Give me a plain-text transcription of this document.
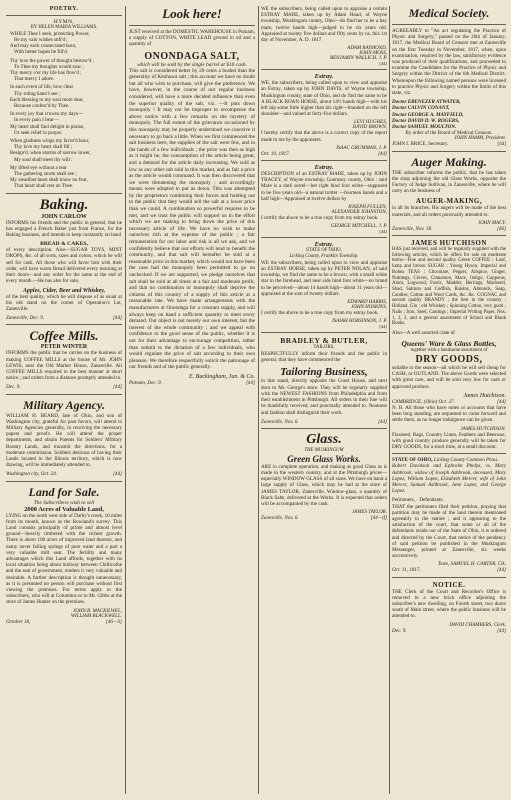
POETRY.
HYMN,
BY HELEN MARIA WILLIAMS.

WHILE Thee I seek, protecting Power,

Be my vain wishes still'd ;

And may each consecrated hour,

With better hopes be fill'd.

Thy love the power of thought bestow'd ;

To Thee my thoughts would soar ;

Thy mercy o'er my life has flow'd ;

That mercy I adore.

In each event of life, how clear

Thy ruling hand I see ;

Each blessing to my soul more dear,

Because conferr'd by Thee.

In every joy that crowns my days—

In every pain I bear—

My heart shall find delight in praise,

Or seek relief in prayer.

When gladness wings my favor'd hour,

Thy love my heart shall fill ;

Resign'd, when storms of sorrow lower,

My soul shall meet thy will :

My lifted eye without a tear

The gathering storm shall see ;

My steadfast heart shall know no fear,

That heart shall rest on Thee.

Baking.
JOHN CARLOW

INFORMS his friends and the public in general, that he has engaged a French Baker just from France, for the Baking business, and intends to keep constantly on hand

BREAD & CAKES,

of every description. Also—SUGAR TOYS, MINT DROPS, &c. of all sorts, sizes and colors, which he will sell for cash. All those who will favor him with their order, will have warm Bread delivered every morning at their doors—and any order for the same at the end of every month.—He has also for sale,

Apples, Cider, Beer and Whiskey,

of the best quality, which he will dispose of as usual at his old stand on the corner of Operation's Lot, Zanesville.

Zanesville, Dec. 9.	[44]
Coffee Mills.
PETER WINTER

INFORMS the public that he carries on the business of making COFFEE MILLS at the house of Mr. JOHN LEWIS, near the Old Market House, Zanesville. All COFFEE MILLS required in the best manner at short notice ; and orders from a distance promptly attended to.

Dec. 9.	[44]
Military Agency.

WILLIAM H. BEARD, late of Ohio, and son of Washington city, grateful for past favors, will attend to Military Agencies generally, in receiving the necessary papers and proofs. He will attend the proper departments, and obtain Patents for Soldiers' Military Bounty Lands, and transmit the directions, for a moderate commission. Soldiers desirous of having their Lands located in the Illinois territory, which is now drawing, will be immediately attended to.

Washington city, Oct. 24.	[44]
Land for Sale.
The Subscribers wish to sell
2000 Acres of Valuable Land,

LYING on the north west side of Darby's creek, 10 miles from its mouth, known as the Rowland's survey. This Land consists principally of prime and almost level ground—heavily timbered with the richest growth. There is about 100 acres of improved land thereon, and many never failing springs of pure water and a part a very valuable mill seat. The fertility and many advantages which this Land affords, together with its local situation being about midway between Chillicothe and the seat of government, renders it very valuable and desirable. A further description is thought unnecessary, as it is presumed no person will purchase without first viewing the premises. For terms apply to the subscribers, who will at Columbus or to Mr. Gibbs at the store of James Hunter on the premises.

JOHN B. MACKILWEL,
WILLIAM BLACKWELL.
October 18,	[46—3]
Look here!

JUST received at the DOMESTIC WAREHOUSE in Putnam, a supply of COTTON, WHITE LEAD ground in oil and a quantity of

ONONDAGA SALT,
which will be sold by the single barrel at $10 cash.

This salt is considered better by 20 cents a bushel than the generality of Kenhawa salt ; this account we have no doubt but all who wish to purchase, will give the preference. We have, however, in the course of our regular business considered, will have a more decided influence than even the superior quality of the salt, viz. —It puts down monopoly ! It may not be improper to recompense the above notice with a few remarks on the mystery of monopoly. The full extent of the grievance occasioned by this monopoly may be properly understood we conceive it necessary to go back a little. When we first commenced the salt business here, the supplies of the salt were few, and in the hands of a few individuals ; the price was then as high as it might be, the consumption of the article being great, and a demand for the article daily increasing. We sold as low as any other salt sold in this market, and as fair a price as the article would command. It was then discovered that we were threatening the monopoly ; and accordingly means were adopted to put us down. This was attempted by the proprietors combining their forces and holding out to the public that they would sell the salt at a lower price than we could. A combination so powerful requires to be met, and we trust the public will support us in the effort which we are making to bring down the price of this necessary article of life. We have no wish to make ourselves rich at the expense of the public ; a fair remuneration for our labor and risk is all we ask, and we confidently believe that our efforts will tend to benefit the community, and that salt will hereafter be sold at a reasonable price in this market, which would not have been the case had the monopoly been permitted to go on unchecked. If we are supported, we pledge ourselves that salt shall be sold at all times at a fair and moderate profit, and that no combination or monopoly shall deprive the citizens of this country of a supply of this article at a reasonable rate. We have made arrangements with the manufacturers at Onondaga for a constant supply, and will always keep on hand a sufficient quantity to meet every demand. Our object is not merely our own interest, but the interest of the whole community ; and we appeal with confidence to the good sense of the public, whether it is not for their advantage to encourage competition, rather than submit to the dictation of a few individuals, who would regulate the price of salt according to their own pleasure. We therefore respectfully solicit the patronage of our friends and of the public generally.

E. Buckingham, Jun. & Co.
Putnam, Dec. 9.	[44]

WE the subscribers, being called upon to appraise a certain ESTRAY MARE, taken up by Adam Hoad, of Wayne township, Muskingum county, Ohio—do find her to be a bay mare, twelve hands high—judged to be six years old. Appraised at twenty five dollars and fifty cents by us, this 1st day of November, A. D. 1817.

ADAM RAYMOND,
JOHN MOSS,
BENJAMIN WALLICH, J. P.
[44]
Estray.

WE, the subscribers, being called upon to view and appraise an Estray, taken up by JOHN DAVIS, of Wayne township, Muskingum county, state of Ohio, and do find the same to be A BLACK ROAN HORSE, about 14½ hands high—with his left hip some little higher than his right—branded on the left shoulder—and valued at forty-five dollars.

LEVI HUGHES,
DAVID BROWN,

I hereby certify that the above is a correct copy of the report made to me by the appraisers.

ISAAC GRUMMAN, J. P.
Oct. 10, 1817.	[44]
Estray.

DESCRIPTION of an ESTRAY MARE, taken up by JOHN TRACEY, of Wayne township, Guernsey county, Ohio : said Mare is a dark sorrel—her right hind foot white—supposed to be five years old—a natural trotter —fourteen hands and a half high—Appraised at twelve dollars by

JOSEPH FULLEN,
ALEXANDER JOHNSTON,

I certify the above to be a true copy from my estray book.

GEORGE MITCHELL, J. P.
[44]
Estray.
STATE OF OHIO,
Licking County, Franklin Township.

WE the subscribers, being called upon to view and appraise an ESTRAY HORSE, taken up by PETER NOLAN, of said township, we find the same to be a brown, with a small white star in the forehead, and near side hind foot white—no brand to be perceived—about 14 hands high—about 11 years old—appraised at the sum of twenty dollars.

EDWARD HARRIS,
JOHN HOSKINS,

I certify the above to be a true copy from my estray book.

ISAIAH HOBSINSON, J. P.
[44]
BRADLEY & BUTLER,
TAILORS,

RESPECTFULLY inform their friends and the public in general, that they have commenced the

Tailoring Business,

in that stand, directly opposite the Court House, and next door to Mr. George's store. They will be regularly supplied with the NEWEST FASHIONS from Philadelphia and from their establishment in Pittsburgh. All orders in their line will be thankfully received, and punctually attended to. Neatness and fashion shall distinguish their work.

Zanesville, Nov. 6.	[44]
Glass.
THE MUSKINGUM
Green Glass Works.

ARE in complete operation, and making as good Glass as is made in the western country, and at the Pittsburgh prices—especially WINDOW GLASS of all sizes. We have on hand a large supply of Glass, which may be had at the store of JAMES TAYLOR, Zanesville. Window-glass, a quantity of Black Salts, delivered at the Works. It is expected that orders will be accompanied by the cash.

JAMES TAYLOR.
Zanesville, Nov. 6.	[44—tf]
Medical Society.

AGREEABLY to "An act regulating the Practice of Physic and Surgery," passed on the 26th of January, 1817, the Medical Board of Censors met at Zanesville on the first Tuesday in November, 1817, when, upon examination, required by the law, satisfactory evidence was produced of their qualifications, and proceeded to examine the Candidates for the Practice of Physic and Surgery within the District of the 6th Medical District. Whereupon the following named persons were licensed to practice Physic and Surgery within the limits of this state, viz.

Doctor EBENEZER ATWATER,
Doctor CALVIN CONANT,
Doctor GEORGE A. MAYFIELD,
Doctor DAVID D. W. ROGERS,
Doctor SAMUEL MOULTON.
By order of the Board of Medical Censors.
JOHN HAMM, President.
JOHN I. BRICE, Secretary.	[44]
Auger Making.

THE subscriber informs the public, that he has taken the shop adjoining the old Glass Works, opposite the Factory of Judge Sullivan, in Zanesville, where he will carry on the business of

AUGER-MAKING,

in all its branches. His augers will be made of the best materials, and all orders punctually attended to.

JOHN MACY.
Zanesville, Nov. 18.	[46]
JAMES HUTCHISON

HAS just received, and will be regularly supplied with the following articles, which he offers for sale on moderate terms—Fine and second quality Green COFFEE ; Loaf, lump and brown SUGAR ; Young Hyson, Imperial and Bohea TEAS ; Chocolate, Pepper, Allspice, Ginger, Nutmegs, Cloves, Cinnamon, Mace, Indigo, Copperas, Alum, Logwood, Fustic, Madder, Herrings, Mackerel, Shad, Salmon and Codfish, Raisins, Almonds, Soap, Candles, Cotton and Wool Cards, &c. &c. COGNAC and second quality BRANDY ; the best in the country ; Holland, Gin ; old Whiskey ; Spinning Cotton, very good ; Nails ; Iron, Steel, Castings ; Imperial Writing Paper, Nos. 1, 2, 3, and a general assortment of School and Blank Books.

Also—A well assorted crate of

Queens' Ware & Glass Bottles,
together with a handsome assortment of
DRY GOODS,

suitable to the season—all which he will sell cheap for CASH, or OUTLAND. The above Goods were selected with great care, and will be sold very low for cash or approved produce.

James Hutchison.
CAMBRIDGE, (Ohio) Oct. 27.	[44]

N. B. All those who have notes or accounts that have been long standing, are requested to come forward and settle them, as no longer indulgence can be given.

JAMES HUTCHISON.

Flaxseed, Rags, Country Linen, Feathers and Beeswax, with good country produce generally will be taken for DRY GOODS, for a short time, at a small discount.

STATE OF OHIO, Licking County Common Pleas.

Robert Davidson and Ephraim Phelps, vs. Mary Ashbrook, widow of Joseph Ashbrook, deceased, Mary Lopez, William Lopez, Elizabeth Mercer, wife of John Mercer, Samuel Ashbrook, Jane Lopez, and George Lopez.

Petitioners, · Defendants.

THAT the petitioners filed their petition, praying that partition may be made of the land therein mentioned agreeably to the statute ; and it appearing to the satisfaction of the court, that some or all of the defendants reside out of the State of Ohio, it is ordered and directed by the Court, that notice of the pendency of said petition be published in the Muskingum Messenger, printed at Zanesville, six weeks successively.

Teste, SAMUEL H. CARTER, Clk.
Oct. 11, 1817.	[44]
NOTICE.

THE Clerk of the Court and Recorder's Office is removed to a new brick office adjoining the subscriber's new dwelling, on Fourth street, two doors south of Main street, where the public business will be attended to.

DAVID CHAMBERS, Clerk.
Dec. 9.	[44]
